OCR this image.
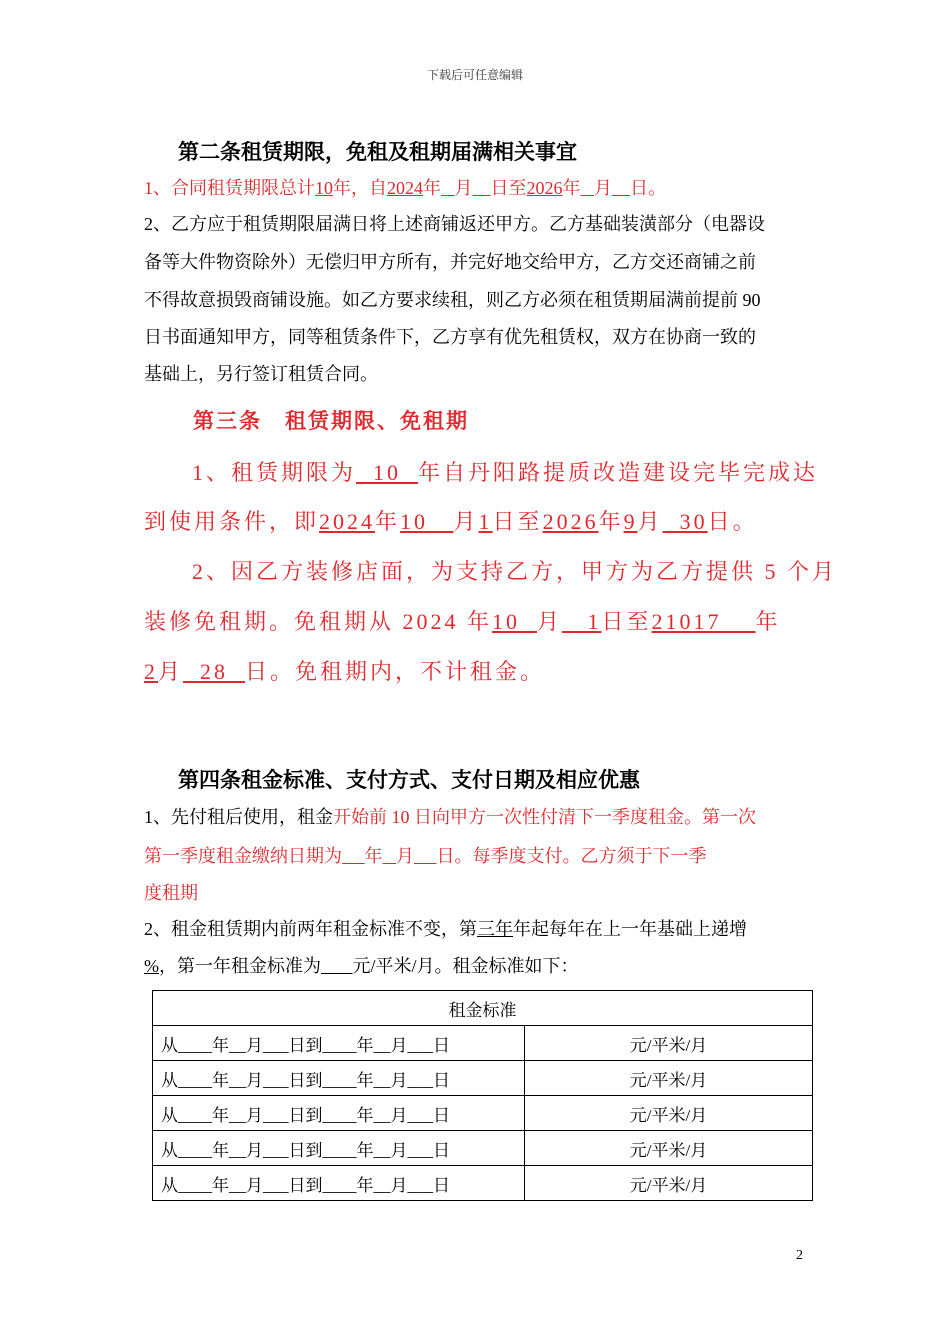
下载后可任意编辑
第二条租赁期限，免租及租期届满相关事宜
1、合同租赁期限总计10年，自2024年 月 日至2026年 月 日。
2、乙方应于租赁期限届满日将上述商铺返还甲方。乙方基础装潢部分（电器设
备等大件物资除外）无偿归甲方所有，并完好地交给甲方，乙方交还商铺之前
不得故意损毁商铺设施。如乙方要求续租，则乙方必须在租赁期届满前提前 90
日书面通知甲方，同等租赁条件下，乙方享有优先租赁权，双方在协商一致的
基础上，另行签订租赁合同。
第三条　租赁期限、免租期
1、租赁期限为  10  年自丹阳路提质改造建设完毕完成达
到使用条件，即2024年10   月1日至2026年9月  30日。
2、因乙方装修店面，为支持乙方，甲方为乙方提供 5 个月
装修免租期。免租期从 2024 年10  月   1日至21017    年
2月  28  日。免租期内，不计租金。
第四条租金标准、支付方式、支付日期及相应优惠
1、先付租后使用，租金开始前 10 日向甲方一次性付清下一季度租金。第一次
第一季度租金缴纳日期为 年 月 日。每季度支付。乙方须于下一季
度租期
2、租金租赁期内前两年租金标准不变，第三年年起每年在上一年基础上递增
%，第一年租金标准为 元/平米/月。租金标准如下：
租金标准	
从____年__月___日到____年__月___日	元/平米/月
从____年__月___日到____年__月___日	元/平米/月
从____年__月___日到____年__月___日	元/平米/月
从____年__月___日到____年__月___日	元/平米/月
从____年__月___日到____年__月___日	元/平米/月
2
